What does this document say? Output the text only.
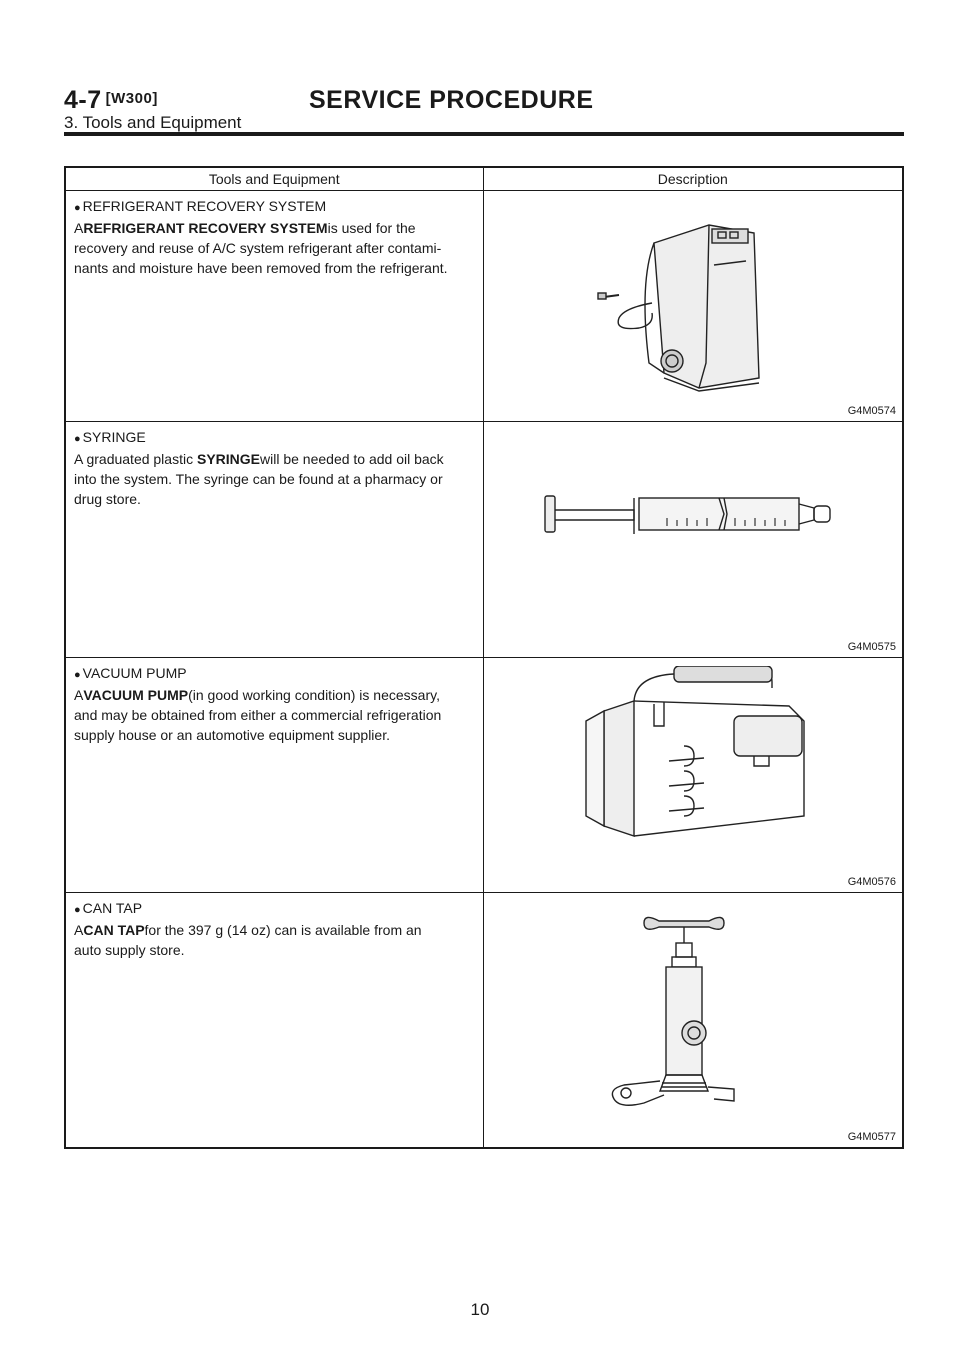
4-7 [W300]	SERVICE PROCEDURE
3. Tools and Equipment
Tools and Equipment	Description

● REFRIGERANT RECOVERY SYSTEM
AREFRIGERANT RECOVERY SYSTEMis used for the
recovery and reuse of A/C system refrigerant after contami-
nants and moisture have been removed from the refrigerant.	G4M0574

● SYRINGE
A graduated plastic SYRINGEwill be needed to add oil back
into the system. The syringe can be found at a pharmacy or
drug store.	G4M0575

● VACUUM PUMP
AVACUUM PUMP(in good working condition) is necessary,
and may be obtained from either a commercial refrigeration
supply house or an automotive equipment supplier.	G4M0576

● CAN TAP
ACAN TAPfor the 397 g (14 oz) can is available from an
auto supply store.	G4M0577
10
